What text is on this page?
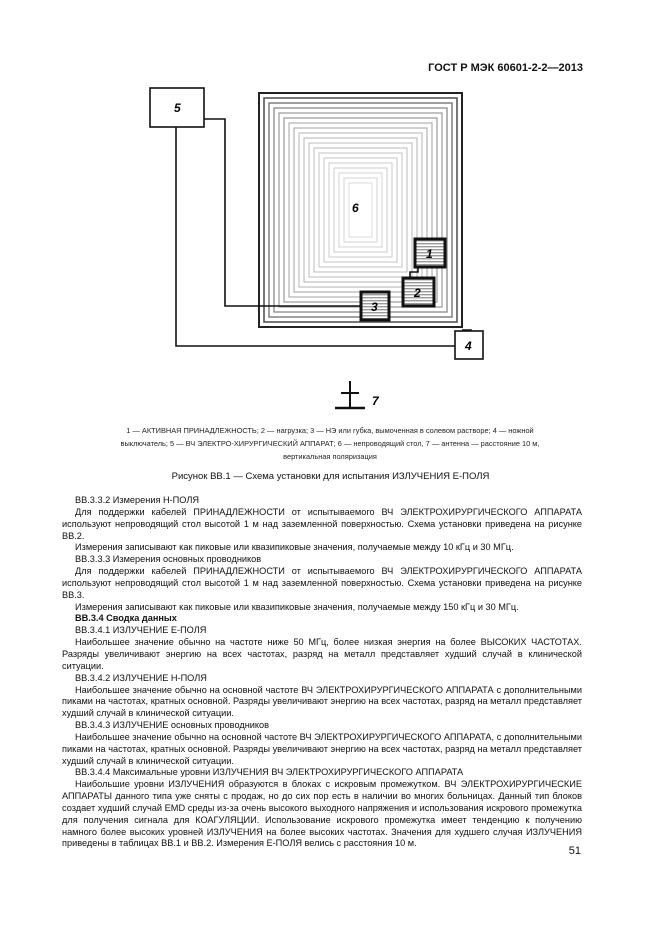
ГОСТ Р МЭК 60601-2-2—2013
5
4
1
2
3
6
7
1 — АКТИВНАЯ ПРИНАДЛЕЖНОСТЬ; 2 — нагрузка; 3 — НЭ или губка, вымоченная в солевом растворе; 4 — ножной
выключатель; 5 — ВЧ ЭЛЕКТРО-ХИРУРГИЧЕСКИЙ АППАРАТ; 6 — непроводящий стол, 7 — антенна — расстояние 10 м,
вертикальная поляризация
Рисунок ВВ.1 — Схема установки для испытания ИЗЛУЧЕНИЯ E-ПОЛЯ

ВВ.3.3.2 Измерения H-ПОЛЯ

Для поддержки кабелей ПРИНАДЛЕЖНОСТИ от испытываемого ВЧ ЭЛЕКТРОХИРУРГИЧЕСКОГО АППАРАТА используют непроводящий стол высотой 1 м над заземленной поверхностью. Схема установки приведена на рисунке ВВ.2.

Измерения записывают как пиковые или квазипиковые значения, получаемые между 10 кГц и 30 МГц.

ВВ.3.3.3 Измерения основных проводников

Для поддержки кабелей ПРИНАДЛЕЖНОСТИ от испытываемого ВЧ ЭЛЕКТРОХИРУРГИЧЕСКОГО АППАРАТА используют непроводящий стол высотой 1 м над заземленной поверхностью. Схема установки приведена на рисунке ВВ.3.

Измерения записывают как пиковые или квазипиковые значения, получаемые между 150 кГц и 30 МГц.

ВВ.3.4 Сводка данных

ВВ.3.4.1 ИЗЛУЧЕНИЕ E-ПОЛЯ

Наибольшее значение обычно на частоте ниже 50 МГц, более низкая энергия на более ВЫСОКИХ ЧАСТОТАХ. Разряды увеличивают энергию на всех частотах, разряд на металл представляет худший случай в клинической ситуации.

ВВ.3.4.2 ИЗЛУЧЕНИЕ H-ПОЛЯ

Наибольшее значение обычно на основной частоте ВЧ ЭЛЕКТРОХИРУРГИЧЕСКОГО АППАРАТА с дополнительными пиками на частотах, кратных основной. Разряды увеличивают энергию на всех частотах, разряд на металл представляет худший случай в клинической ситуации.

ВВ.3.4.3 ИЗЛУЧЕНИЕ основных проводников

Наибольшее значение обычно на основной частоте ВЧ ЭЛЕКТРОХИРУРГИЧЕСКОГО АППАРАТА, с дополнительными пиками на частотах, кратных основной. Разряды увеличивают энергию на всех частотах, разряд на металл представляет худший случай в клинической ситуации.

ВВ.3.4.4 Максимальные уровни ИЗЛУЧЕНИЯ ВЧ ЭЛЕКТРОХИРУРГИЧЕСКОГО АППАРАТА

Наибольшие уровни ИЗЛУЧЕНИЯ образуются в блоках с искровым промежутком. ВЧ ЭЛЕКТРОХИРУРГИЧЕСКИЕ АППАРАТЫ данного типа уже сняты с продаж, но до сих пор есть в наличии во многих больницах. Данный тип блоков создает худший случай EMD среды из-за очень высокого выходного напряжения и использования искрового промежутка для получения сигнала для КОАГУЛЯЦИИ. Использование искрового промежутка имеет тенденцию к получению намного более высоких уровней ИЗЛУЧЕНИЯ на более высоких частотах. Значения для худшего случая ИЗЛУЧЕНИЯ приведены в таблицах ВВ.1 и ВВ.2. Измерения E-ПОЛЯ велись с расстояния 10 м.

51
